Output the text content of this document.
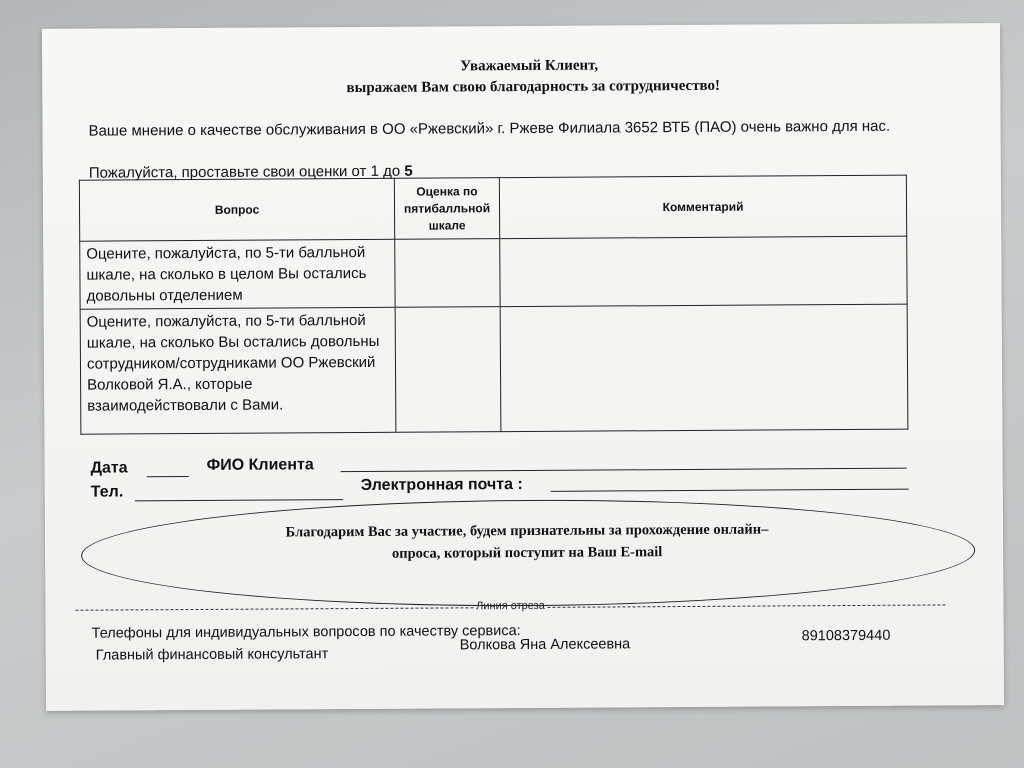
Уважаемый Клиент,
выражаем Вам свою благодарность за сотрудничество!
Ваше мнение о качестве обслуживания в ОО «Ржевский» г. Ржеве Филиала 3652 ВТБ (ПАО) очень важно для нас.
Пожалуйста, проставьте свои оценки от 1 до 5
Вопрос	Оценка по пятибалльной шкале	Комментарий
Оцените, пожалуйста, по 5-ти балльной шкале, на сколько в целом Вы остались довольны отделением		
Оцените, пожалуйста, по 5-ти балльной шкале, на сколько Вы остались довольны сотрудником/сотрудниками ОО Ржевский Волковой Я.А., которые взаимодействовали с Вами.		
Дата	ФИО Клиента
Тел.	Электронная почта :
Благодарим Вас за участие, будем признательны за прохождение онлайн–
опроса, который поступит на Ваш E-mail
Линия отреза
Телефоны для индивидуальных вопросов по качеству сервиса:
Главный финансовый консультант
Волкова Яна Алексеевна
89108379440
